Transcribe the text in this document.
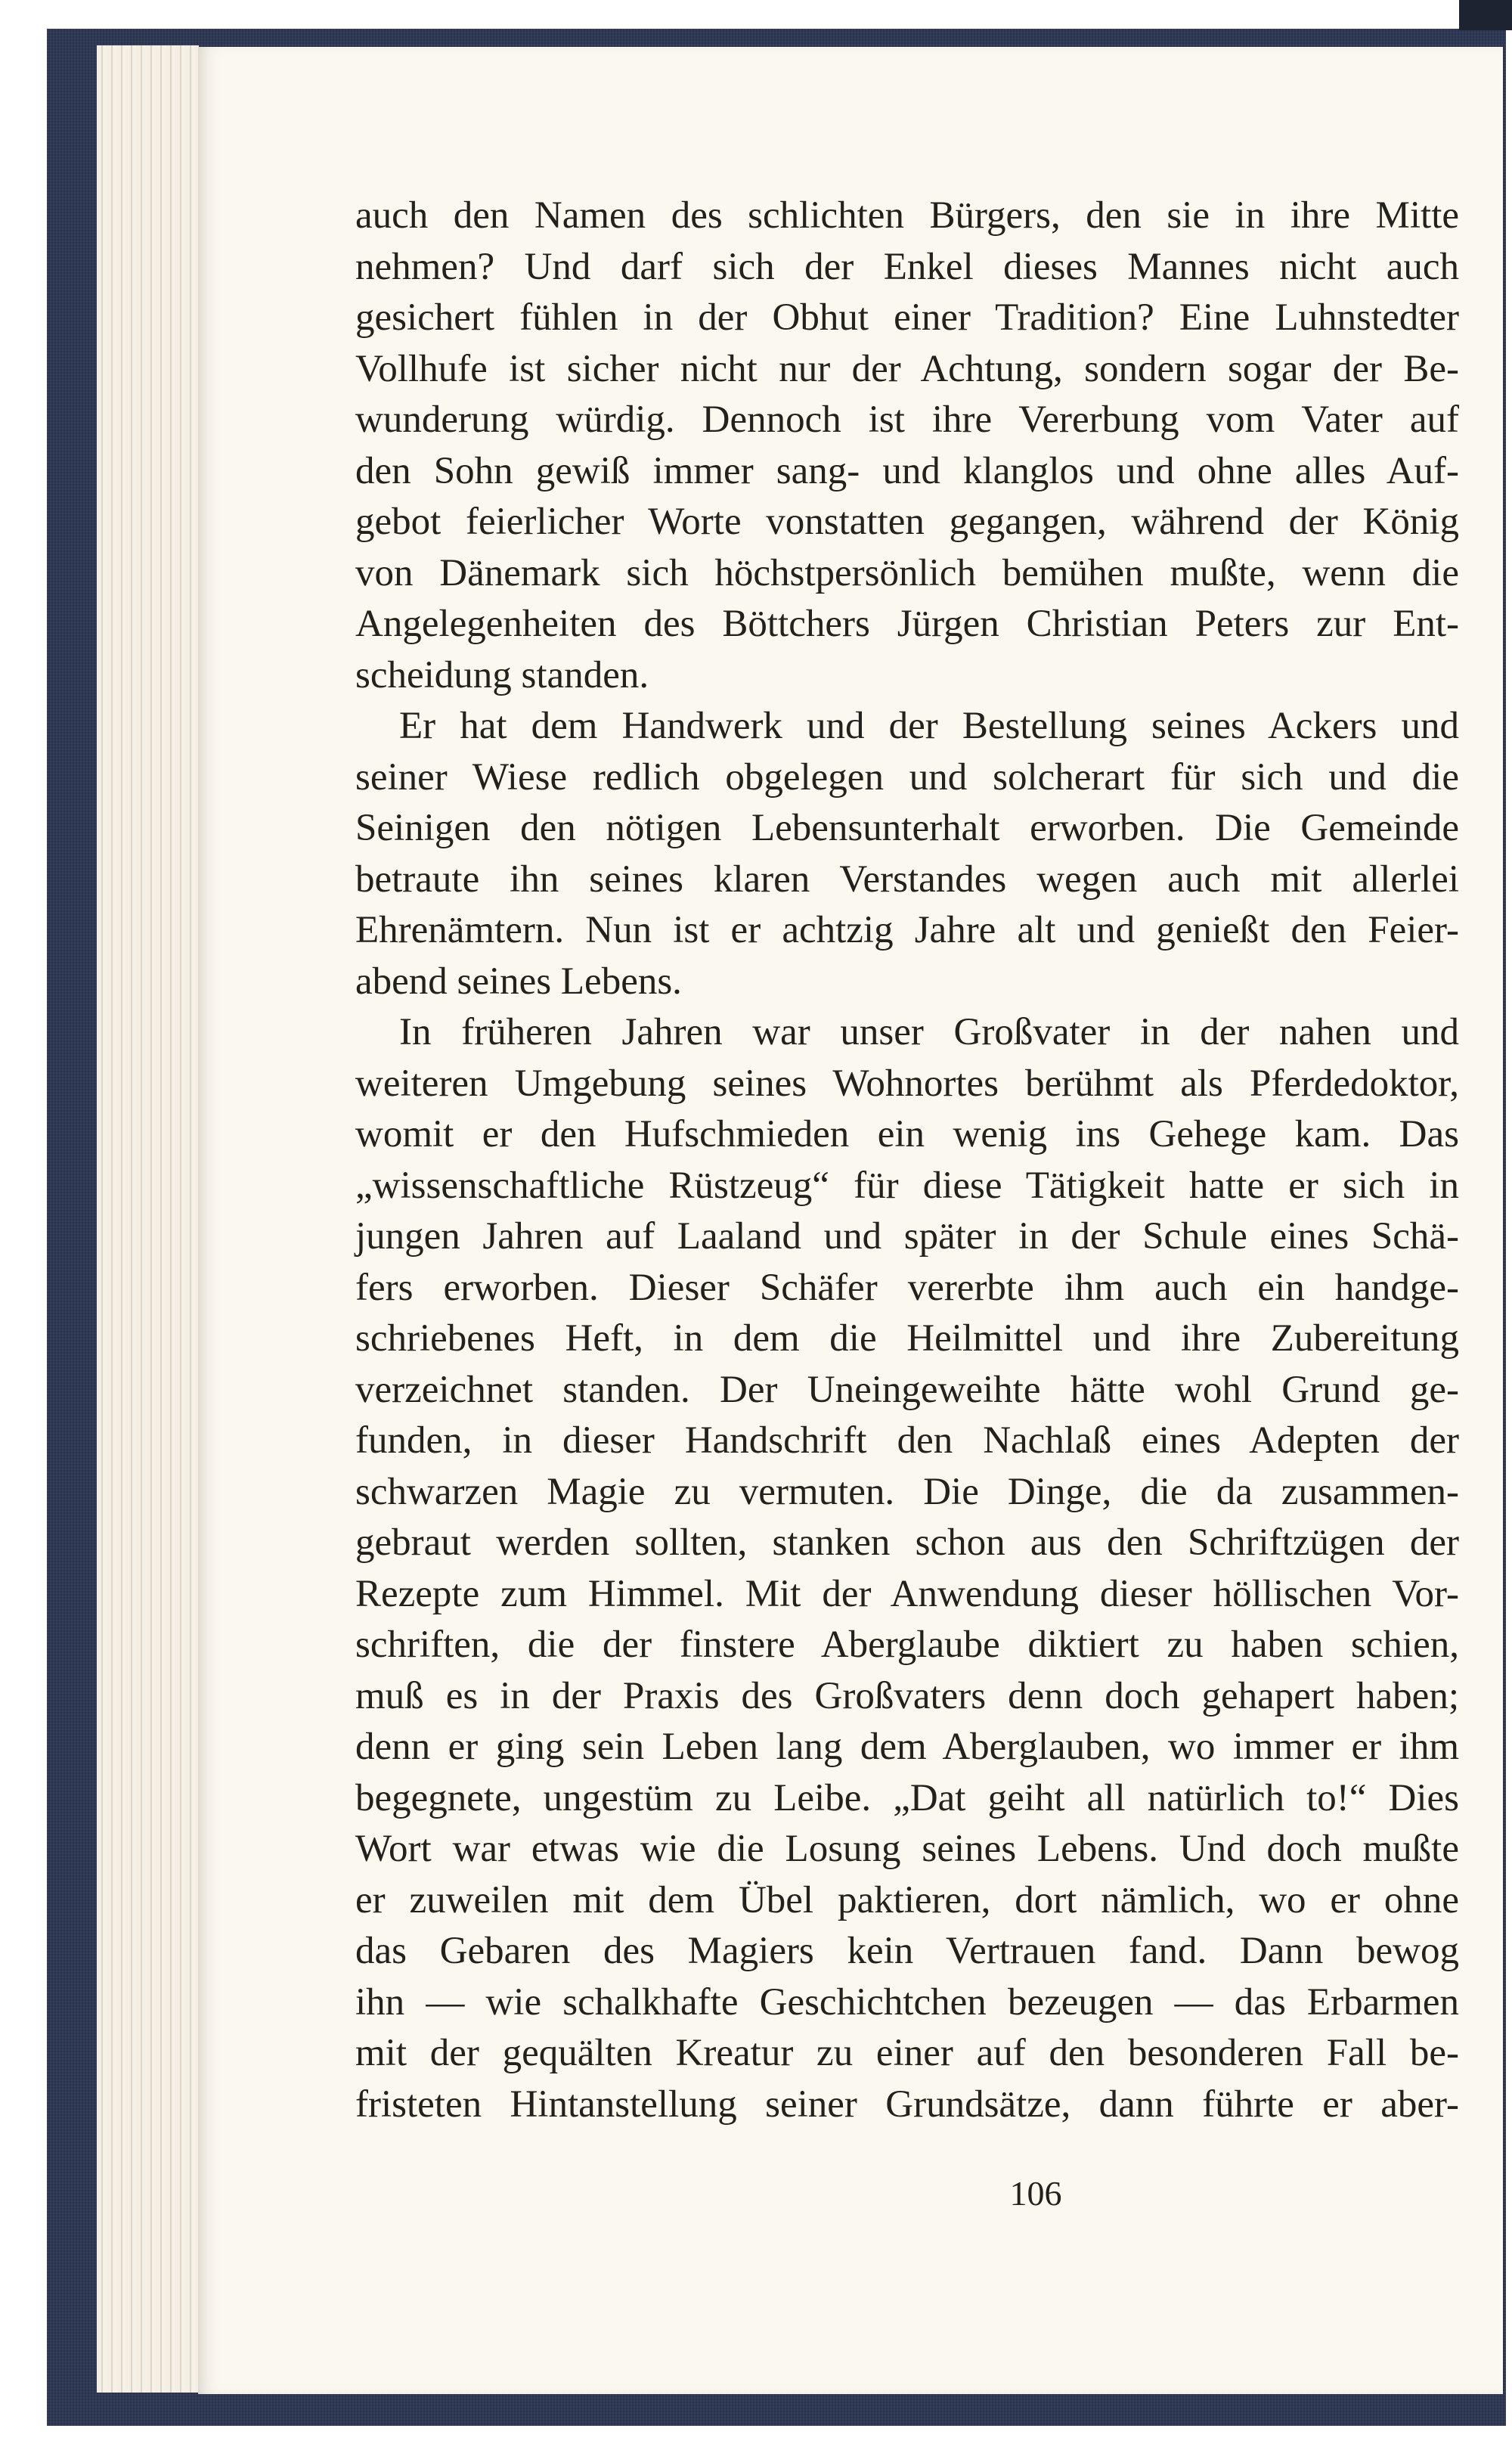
auch den Namen des schlichten Bürgers, den sie in ihre Mitte
nehmen? Und darf sich der Enkel dieses Mannes nicht auch
gesichert fühlen in der Obhut einer Tradition? Eine Luhnstedter
Vollhufe ist sicher nicht nur der Achtung, sondern sogar der Be-
wunderung würdig. Dennoch ist ihre Vererbung vom Vater auf
den Sohn gewiß immer sang- und klanglos und ohne alles Auf-
gebot feierlicher Worte vonstatten gegangen, während der König
von Dänemark sich höchstpersönlich bemühen mußte, wenn die
Angelegenheiten des Böttchers Jürgen Christian Peters zur Ent-
scheidung standen.
Er hat dem Handwerk und der Bestellung seines Ackers und
seiner Wiese redlich obgelegen und solcherart für sich und die
Seinigen den nötigen Lebensunterhalt erworben. Die Gemeinde
betraute ihn seines klaren Verstandes wegen auch mit allerlei
Ehrenämtern. Nun ist er achtzig Jahre alt und genießt den Feier-
abend seines Lebens.
In früheren Jahren war unser Großvater in der nahen und
weiteren Umgebung seines Wohnortes berühmt als Pferdedoktor,
womit er den Hufschmieden ein wenig ins Gehege kam. Das
„wissenschaftliche Rüstzeug“ für diese Tätigkeit hatte er sich in
jungen Jahren auf Laaland und später in der Schule eines Schä-
fers erworben. Dieser Schäfer vererbte ihm auch ein handge-
schriebenes Heft, in dem die Heilmittel und ihre Zubereitung
verzeichnet standen. Der Uneingeweihte hätte wohl Grund ge-
funden, in dieser Handschrift den Nachlaß eines Adepten der
schwarzen Magie zu vermuten. Die Dinge, die da zusammen-
gebraut werden sollten, stanken schon aus den Schriftzügen der
Rezepte zum Himmel. Mit der Anwendung dieser höllischen Vor-
schriften, die der finstere Aberglaube diktiert zu haben schien,
muß es in der Praxis des Großvaters denn doch gehapert haben;
denn er ging sein Leben lang dem Aberglauben, wo immer er ihm
begegnete, ungestüm zu Leibe. „Dat geiht all natürlich to!“ Dies
Wort war etwas wie die Losung seines Lebens. Und doch mußte
er zuweilen mit dem Übel paktieren, dort nämlich, wo er ohne
das Gebaren des Magiers kein Vertrauen fand. Dann bewog
ihn — wie schalkhafte Geschichtchen bezeugen — das Erbarmen
mit der gequälten Kreatur zu einer auf den besonderen Fall be-
fristeten Hintanstellung seiner Grundsätze, dann führte er aber-
106
